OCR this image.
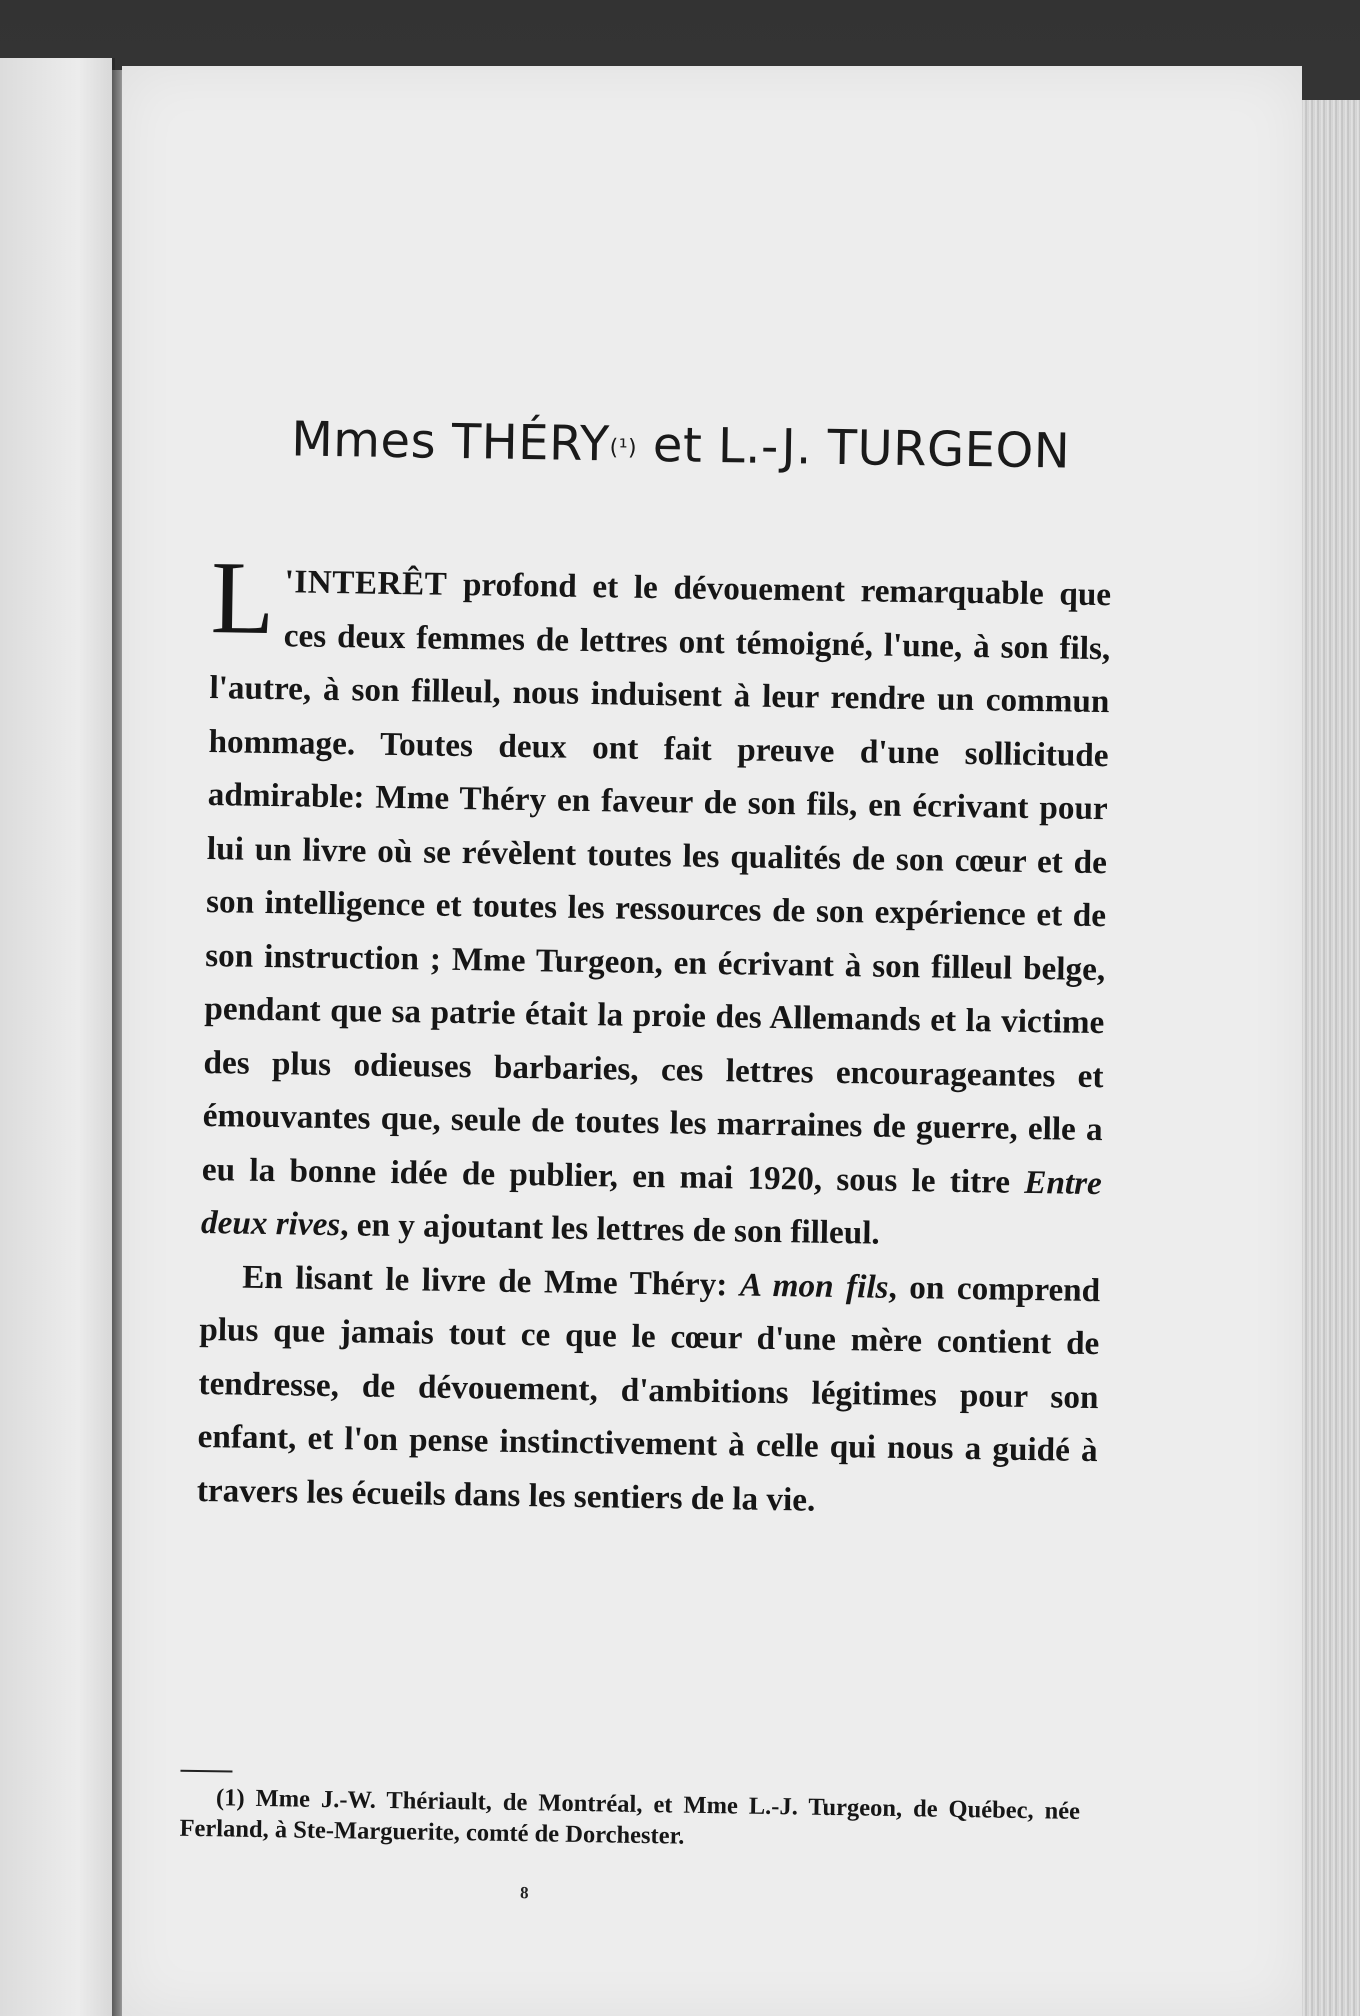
Mmes $THÉRY^{(^1)}$ et L.-J. TURGEON

L 'INTERÊT profond et le dévouement remarquable que ces deux femmes de lettres ont témoigné, l'une, à son fils, l'autre, à son filleul, nous induisent à leur rendre un commun hommage. Toutes deux ont fait preuve d'une sollicitude admirable: Mme Théry en faveur de son fils, en écrivant pour lui un livre où se révèlent toutes les qualités de son cœur et de son intelligence et toutes les ressources de son expérience et de son instruction ; Mme Turgeon, en écrivant à son filleul belge, pendant que sa patrie était la proie des Allemands et la victime des plus odieuses barbaries, ces lettres encourageantes et émouvantes que, seule de toutes les marraines de guerre, elle a eu la bonne idée de publier, en mai 1920, sous le titre Entre deux rives, en y ajoutant les lettres de son filleul.

En lisant le livre de Mme Théry: A mon fils, on comprend plus que jamais tout ce que le cœur d'une mère contient de tendresse, de dévouement, d'ambitions légitimes pour son enfant, et l'on pense instinctivement à celle qui nous a guidé à travers les écueils dans les sentiers de la vie.

(1) Mme J.-W. Thériault, de Montréal, et Mme L.-J. Turgeon, de Québec, née Ferland, à Ste-Marguerite, comté de Dorchester.
8
